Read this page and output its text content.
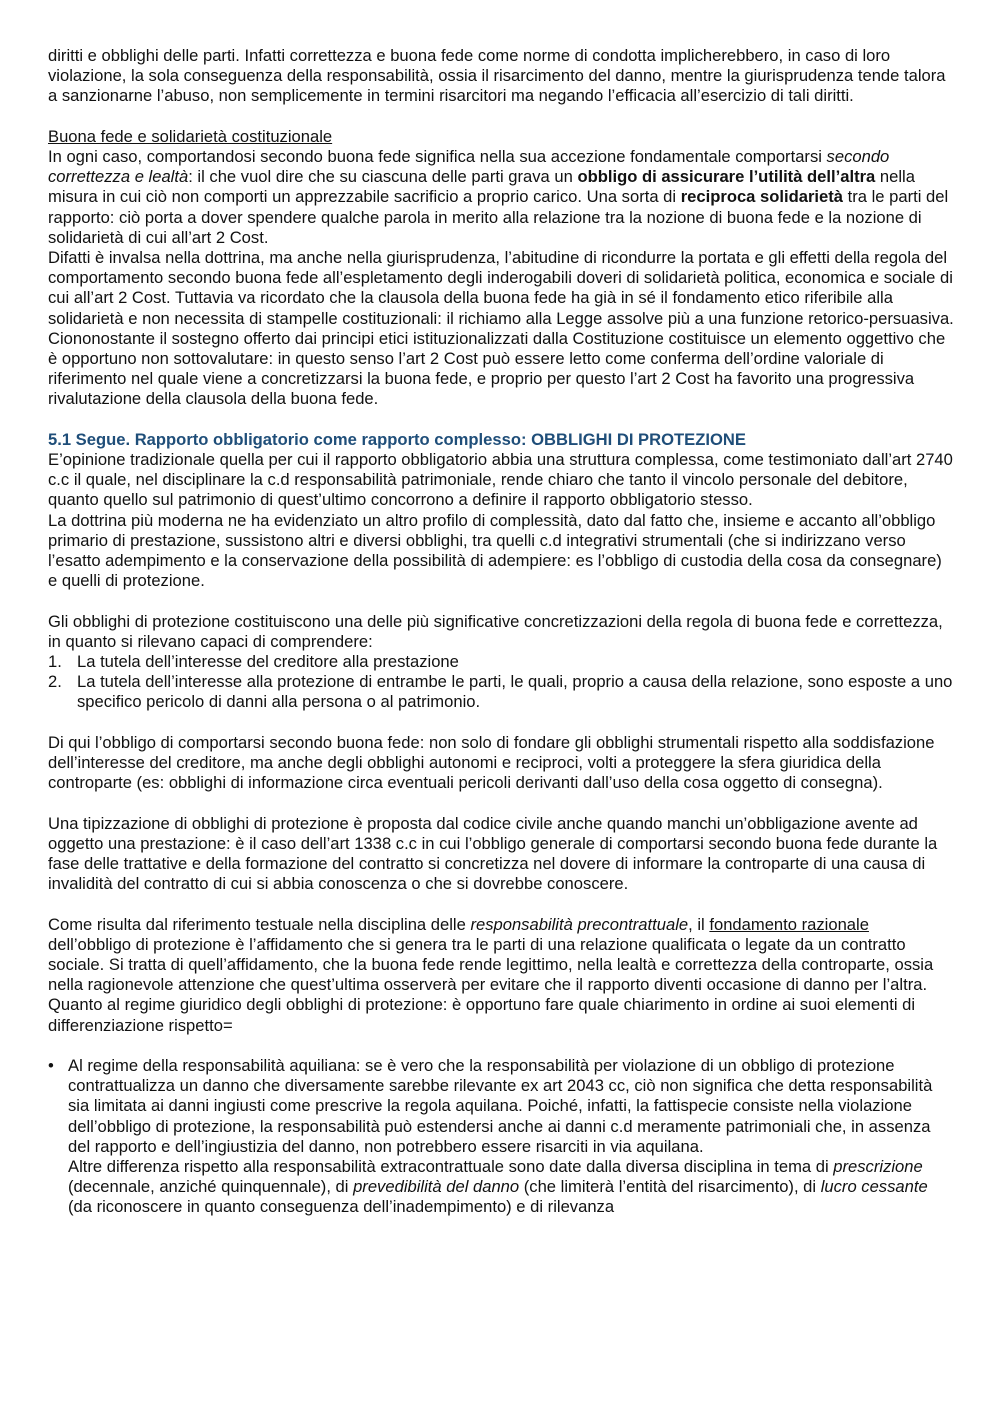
diritti e obblighi delle parti. Infatti correttezza e buona fede come norme di condotta implicherebbero, in caso di loro violazione, la sola conseguenza della responsabilità, ossia il risarcimento del danno, mentre la giurisprudenza tende talora a sanzionarne l’abuso, non semplicemente in termini risarcitori ma negando l’efficacia all’esercizio di tali diritti.

Buona fede e solidarietà costituzionale

In ogni caso, comportandosi secondo buona fede significa nella sua accezione fondamentale comportarsi secondo correttezza e lealtà: il che vuol dire che su ciascuna delle parti grava un obbligo di assicurare l’utilità dell’altra nella misura in cui ciò non comporti un apprezzabile sacrificio a proprio carico. Una sorta di reciproca solidarietà tra le parti del rapporto: ciò porta a dover spendere qualche parola in merito alla relazione tra la nozione di buona fede e la nozione di solidarietà di cui all’art 2 Cost.

Difatti è invalsa nella dottrina, ma anche nella giurisprudenza, l’abitudine di ricondurre la portata e gli effetti della regola del comportamento secondo buona fede all’espletamento degli inderogabili doveri di solidarietà politica, economica e sociale di cui all’art 2 Cost. Tuttavia va ricordato che la clausola della buona fede ha già in sé il fondamento etico riferibile alla solidarietà e non necessita di stampelle costituzionali: il richiamo alla Legge assolve più a una funzione retorico-persuasiva.

Ciononostante il sostegno offerto dai principi etici istituzionalizzati dalla Costituzione costituisce un elemento oggettivo che è opportuno non sottovalutare: in questo senso l’art 2 Cost può essere letto come conferma dell’ordine valoriale di riferimento nel quale viene a concretizzarsi la buona fede, e proprio per questo l’art 2 Cost ha favorito una progressiva rivalutazione della clausola della buona fede.

5.1 Segue. Rapporto obbligatorio come rapporto complesso: OBBLIGHI DI PROTEZIONE

E’opinione tradizionale quella per cui il rapporto obbligatorio abbia una struttura complessa, come testimoniato dall’art 2740 c.c il quale, nel disciplinare la c.d responsabilità patrimoniale, rende chiaro che tanto il vincolo personale del debitore, quanto quello sul patrimonio di quest’ultimo concorrono a definire il rapporto obbligatorio stesso.

La dottrina più moderna ne ha evidenziato un altro profilo di complessità, dato dal fatto che, insieme e accanto all’obbligo primario di prestazione, sussistono altri e diversi obblighi, tra quelli c.d integrativi strumentali (che si indirizzano verso l’esatto adempimento e la conservazione della possibilità di adempiere: es l’obbligo di custodia della cosa da consegnare) e quelli di protezione.

Gli obblighi di protezione costituiscono una delle più significative concretizzazioni della regola di buona fede e correttezza, in quanto si rilevano capaci di comprendere:

1. La tutela dell’interesse del creditore alla prestazione
2. La tutela dell’interesse alla protezione di entrambe le parti, le quali, proprio a causa della relazione, sono esposte a uno specifico pericolo di danni alla persona o al patrimonio.

Di qui l’obbligo di comportarsi secondo buona fede: non solo di fondare gli obblighi strumentali rispetto alla soddisfazione dell’interesse del creditore, ma anche degli obblighi autonomi e reciproci, volti a proteggere la sfera giuridica della controparte (es: obblighi di informazione circa eventuali pericoli derivanti dall’uso della cosa oggetto di consegna).

Una tipizzazione di obblighi di protezione è proposta dal codice civile anche quando manchi un’obbligazione avente ad oggetto una prestazione: è il caso dell’art 1338 c.c in cui l’obbligo generale di comportarsi secondo buona fede durante la fase delle trattative e della formazione del contratto si concretizza nel dovere di informare la controparte di una causa di invalidità del contratto di cui si abbia conoscenza o che si dovrebbe conoscere.

Come risulta dal riferimento testuale nella disciplina delle responsabilità precontrattuale, il fondamento razionale dell’obbligo di protezione è l’affidamento che si genera tra le parti di una relazione qualificata o legate da un contratto sociale. Si tratta di quell’affidamento, che la buona fede rende legittimo, nella lealtà e correttezza della controparte, ossia nella ragionevole attenzione che quest’ultima osserverà per evitare che il rapporto diventi occasione di danno per l’altra.

Quanto al regime giuridico degli obblighi di protezione: è opportuno fare quale chiarimento in ordine ai suoi elementi di differenziazione rispetto=

• Al regime della responsabilità aquiliana: se è vero che la responsabilità per violazione di un obbligo di protezione contrattualizza un danno che diversamente sarebbe rilevante ex art 2043 cc, ciò non significa che detta responsabilità sia limitata ai danni ingiusti come prescrive la regola aquilana. Poiché, infatti, la fattispecie consiste nella violazione dell’obbligo di protezione, la responsabilità può estendersi anche ai danni c.d meramente patrimoniali che, in assenza del rapporto e dell’ingiustizia del danno, non potrebbero essere risarciti in via aquilana.
Altre differenza rispetto alla responsabilità extracontrattuale sono date dalla diversa disciplina in tema di prescrizione (decennale, anziché quinquennale), di prevedibilità del danno (che limiterà l’entità del risarcimento), di lucro cessante (da riconoscere in quanto conseguenza dell’inadempimento) e di rilevanza
